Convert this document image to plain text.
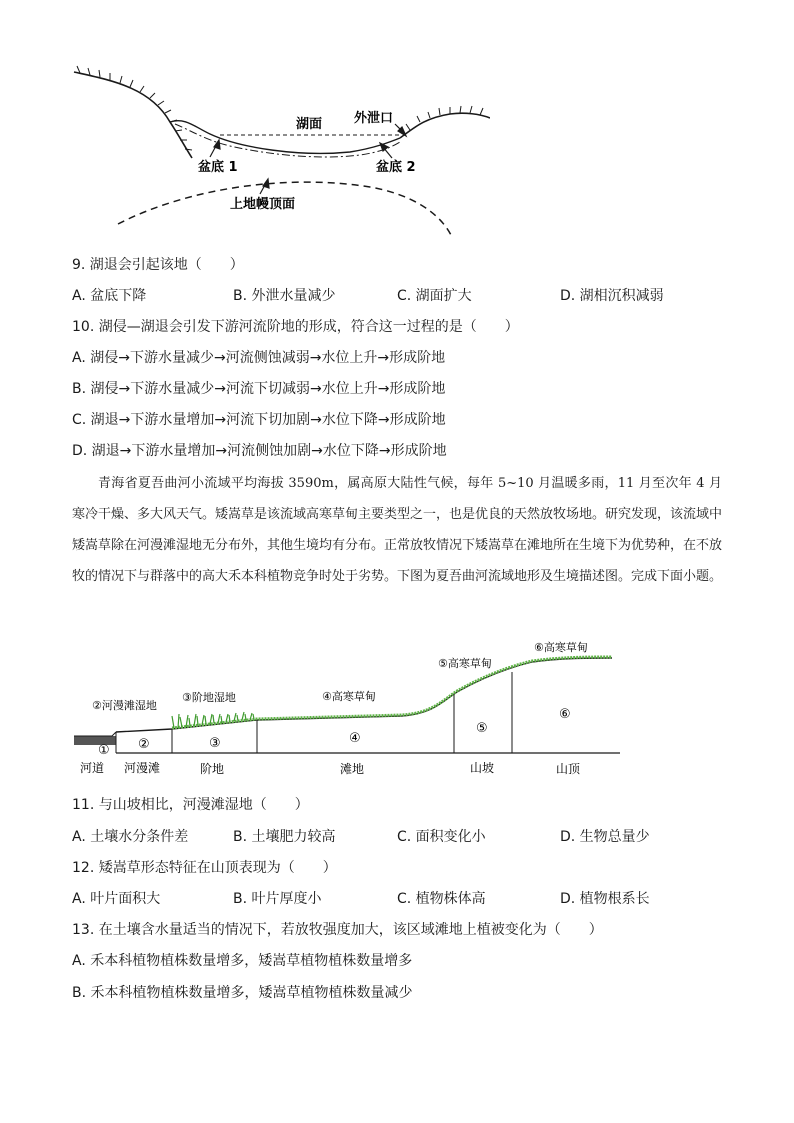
湖面 外泄口
盆底 1	盆底 2
上地幔顶面
9. 湖退会引起该地（　　）
A. 盆底下降	B. 外泄水量减少	C. 湖面扩大	D. 湖相沉积减弱
10. 湖侵—湖退会引发下游河流阶地的形成，符合这一过程的是（　　）
A. 湖侵→下游水量减少→河流侧蚀减弱→水位上升→形成阶地
B. 湖侵→下游水量减少→河流下切减弱→水位上升→形成阶地
C. 湖退→下游水量增加→河流下切加剧→水位下降→形成阶地
D. 湖退→下游水量增加→河流侧蚀加剧→水位下降→形成阶地

青海省夏吾曲河小流域平均海拔 3590m，属高原大陆性气候，每年 5~10 月温暖多雨，11 月至次年 4 月寒冷干燥、多大风天气。矮嵩草是该流域高寒草甸主要类型之一，也是优良的天然放牧场地。研究发现，该流域中矮嵩草除在河漫滩湿地无分布外，其他生境均有分布。正常放牧情况下矮嵩草在滩地所在生境下为优势种，在不放牧的情况下与群落中的高大禾本科植物竞争时处于劣势。下图为夏吾曲河流域地形及生境描述图。完成下面小题。

②河漫滩湿地
③阶地湿地	④高寒草甸
⑤高寒草甸
⑥高寒草甸
① ②	③	④
⑤
⑥
河道 河漫滩	阶地	滩地	山坡	山顶
11. 与山坡相比，河漫滩湿地（　　）
A. 土壤水分条件差	B. 土壤肥力较高	C. 面积变化小	D. 生物总量少
12. 矮嵩草形态特征在山顶表现为（　　）
A. 叶片面积大	B. 叶片厚度小	C. 植物株体高	D. 植物根系长
13. 在土壤含水量适当的情况下，若放牧强度加大，该区域滩地上植被变化为（　　）
A. 禾本科植物植株数量增多，矮嵩草植物植株数量增多
B. 禾本科植物植株数量增多，矮嵩草植物植株数量减少
